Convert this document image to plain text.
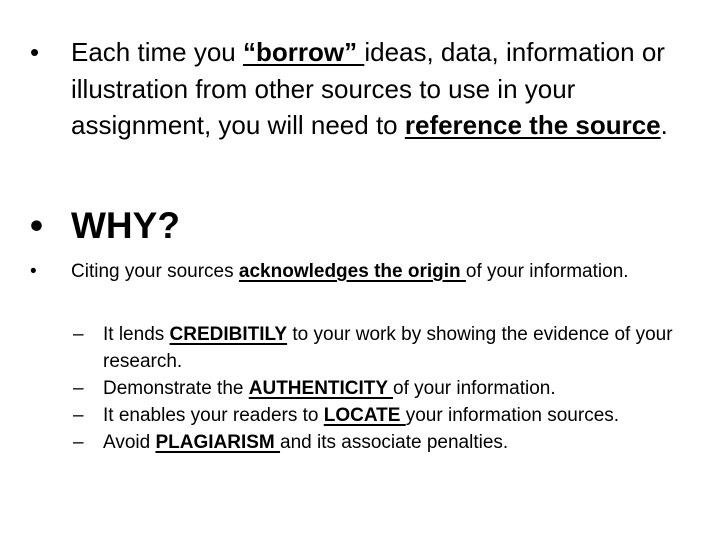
• Each time you “borrow” ideas, data, information or illustration from other sources to use in your assignment, you will need to reference the source.
• WHY?
• Citing your sources acknowledges the origin of your information.
– It lends CREDIBITILY to your work by showing the evidence of your research.
– Demonstrate the AUTHENTICITY of your information.
– It enables your readers to LOCATE your information sources.
– Avoid PLAGIARISM and its associate penalties.
